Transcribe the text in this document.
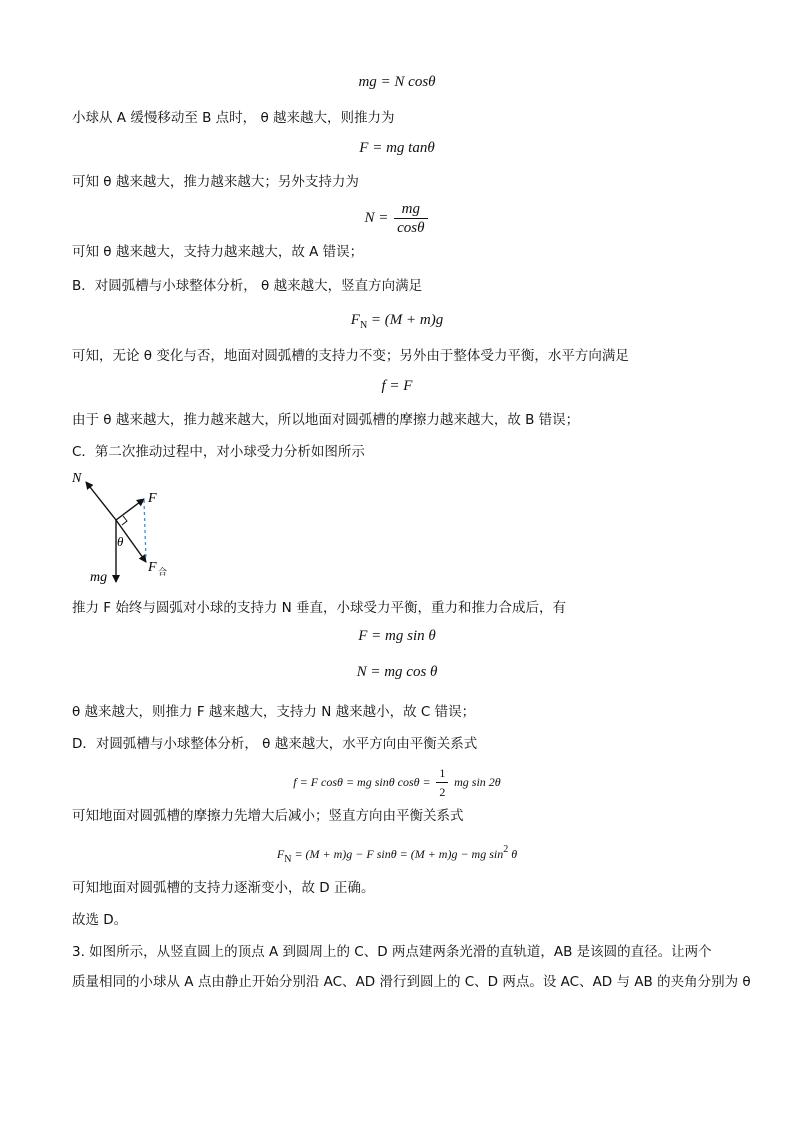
mg = N cosθ
小球从 A 缓慢移动至 B 点时， θ 越来越大，则推力为
F = mg tanθ
可知 θ 越来越大，推力越来越大；另外支持力为
$N = \frac{mg}{\cos\theta}$
可知 θ 越来越大，支持力越来越大，故 A 错误；
B．对圆弧槽与小球整体分析， θ 越来越大，竖直方向满足
$F_N = (M + m)g$
可知，无论 θ 变化与否，地面对圆弧槽的支持力不变；另外由于整体受力平衡，水平方向满足
f = F
由于 θ 越来越大，推力越来越大，所以地面对圆弧槽的摩擦力越来越大，故 B 错误；
C．第二次推动过程中，对小球受力分析如图所示
N
F
θ
mg
F 合
推力 F 始终与圆弧对小球的支持力 N 垂直，小球受力平衡，重力和推力合成后，有
F = mg sin θ
N = mg cos θ
θ 越来越大，则推力 F 越来越大，支持力 N 越来越小，故 C 错误；
D．对圆弧槽与小球整体分析， θ 越来越大，水平方向由平衡关系式
f = F cosθ = mg sinθ $\cos\theta = \frac{1}{2}$ mg sin 2θ
可知地面对圆弧槽的摩擦力先增大后减小；竖直方向由平衡关系式
$F_N = (M + m)g - F$ sinθ = (M + m)g − mg $\sin^2 \theta$
可知地面对圆弧槽的支持力逐渐变小，故 D 正确。
故选 D。
3. 如图所示，从竖直圆上的顶点 A 到圆周上的 C、D 两点建两条光滑的直轨道，AB 是该圆的直径。让两个
质量相同的小球从 A 点由静止开始分别沿 AC、AD 滑行到圆上的 C、D 两点。设 AC、AD 与 AB 的夹角分别为 θ
